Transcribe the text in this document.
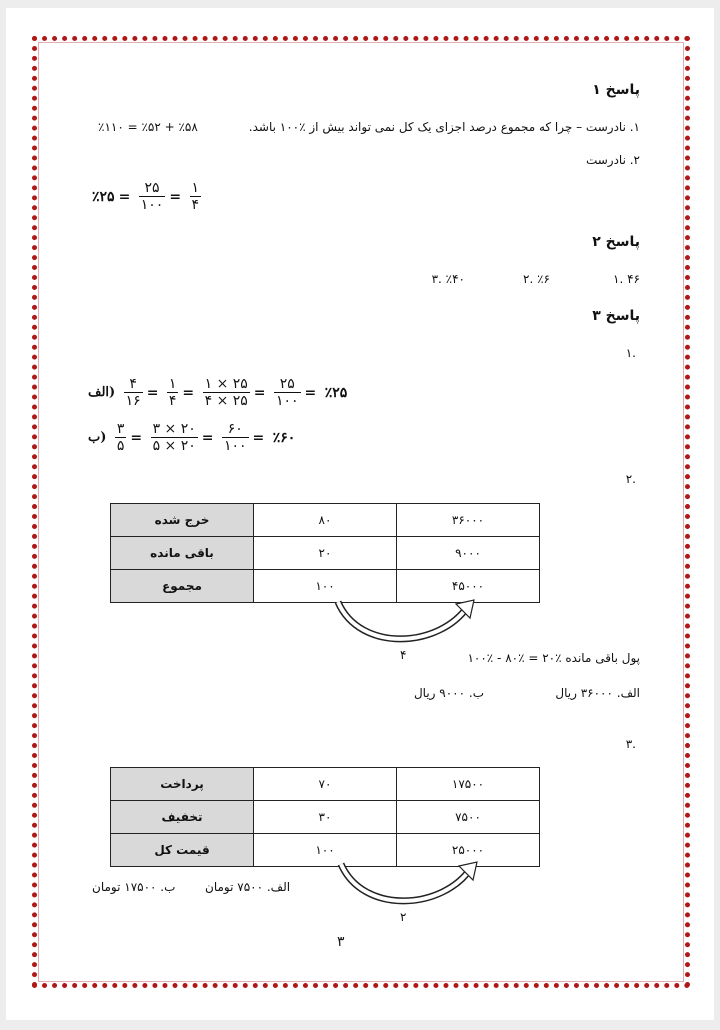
پاسخ ۱
۱. نادرست – چرا که مجموع درصد اجزای یک کل نمی تواند بیش از ٪۱۰۰ باشد.
٪۱۱۰ = ٪۵۲ + ٪۵۸
۲. نادرست
٪۲۵ = $\frac{۲۵}{۱۰۰} = \frac{۱}{۴}$
پاسخ ۲
۱. ۴۶
۲. ٪۶
۳. ٪۴۰
پاسخ ۳
۱.
الف) $\frac{۴}{۱۶} = \frac{۱}{۴} = \frac{۱ \times ۲۵}{۴ \times ۲۵} = \frac{۲۵}{۱۰۰}$ = ٪۲۵
ب) $\frac{۳}{۵} = \frac{۳ \times ۲۰}{۵ \times ۲۰} = \frac{۶۰}{۱۰۰}$ = ٪۶۰
۲.
خرج شده	۸۰	۳۶۰۰۰
باقی مانده	۲۰	۹۰۰۰
مجموع	۱۰۰	۴۵۰۰۰
۴	پول باقی مانده ٪۲۰ = ٪۸۰ - ٪۱۰۰
الف. ۳۶۰۰۰ ریال
ب. ۹۰۰۰ ریال
۳.
پرداخت	۷۰	۱۷۵۰۰
تخفیف	۳۰	۷۵۰۰
قیمت کل	۱۰۰	۲۵۰۰۰
۲
الف. ۷۵۰۰ تومان
ب. ۱۷۵۰۰ تومان
۳
